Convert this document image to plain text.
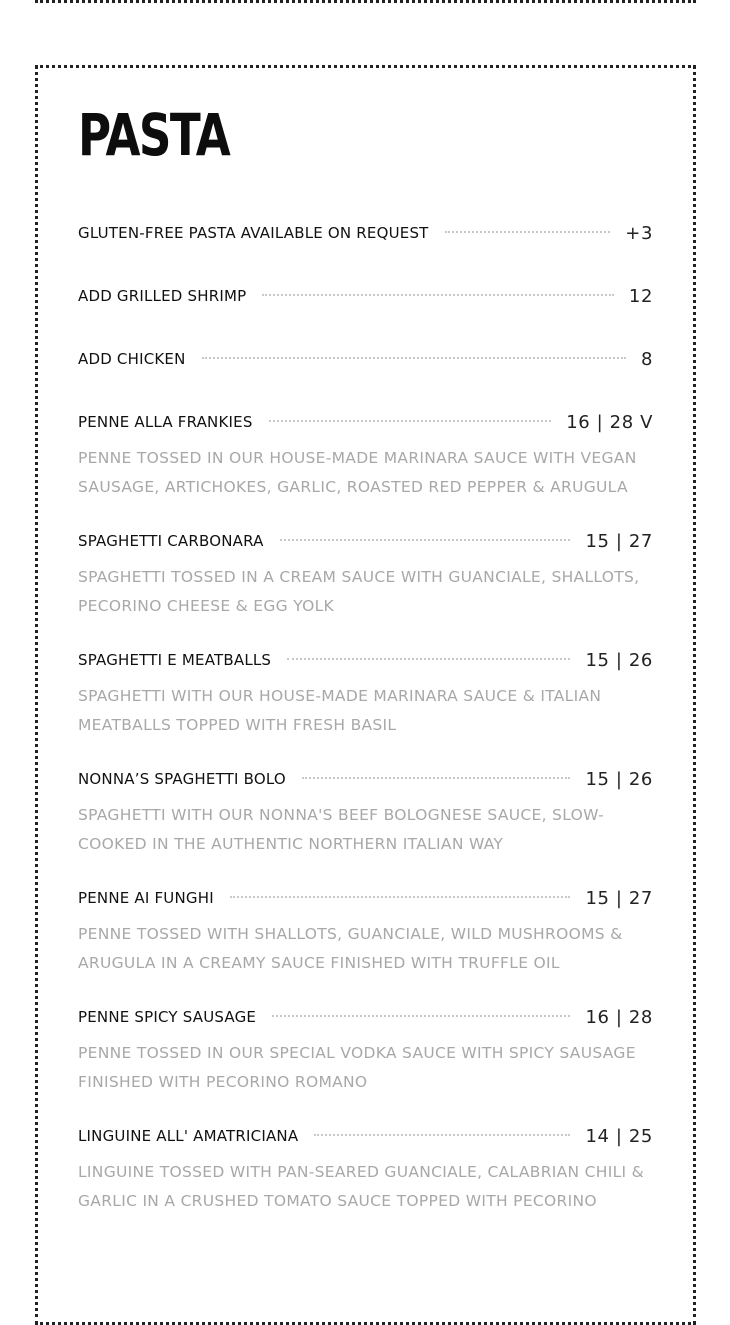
PASTA
GLUTEN-FREE PASTA AVAILABLE ON REQUEST	+3
ADD GRILLED SHRIMP	12
ADD CHICKEN	8
PENNE ALLA FRANKIES	16 | 28 V

PENNE TOSSED IN OUR HOUSE-MADE MARINARA SAUCE WITH VEGAN SAUSAGE, ARTICHOKES, GARLIC, ROASTED RED PEPPER & ARUGULA

SPAGHETTI CARBONARA	15 | 27

SPAGHETTI TOSSED IN A CREAM SAUCE WITH GUANCIALE, SHALLOTS, PECORINO CHEESE & EGG YOLK

SPAGHETTI E MEATBALLS	15 | 26

SPAGHETTI WITH OUR HOUSE-MADE MARINARA SAUCE & ITALIAN MEATBALLS TOPPED WITH FRESH BASIL

NONNA’S SPAGHETTI BOLO	15 | 26

SPAGHETTI WITH OUR NONNA'S BEEF BOLOGNESE SAUCE, SLOW-COOKED IN THE AUTHENTIC NORTHERN ITALIAN WAY

PENNE AI FUNGHI	15 | 27

PENNE TOSSED WITH SHALLOTS, GUANCIALE, WILD MUSHROOMS & ARUGULA IN A CREAMY SAUCE FINISHED WITH TRUFFLE OIL

PENNE SPICY SAUSAGE	16 | 28

PENNE TOSSED IN OUR SPECIAL VODKA SAUCE WITH SPICY SAUSAGE FINISHED WITH PECORINO ROMANO

LINGUINE ALL' AMATRICIANA	14 | 25

LINGUINE TOSSED WITH PAN-SEARED GUANCIALE, CALABRIAN CHILI & GARLIC IN A CRUSHED TOMATO SAUCE TOPPED WITH PECORINO
